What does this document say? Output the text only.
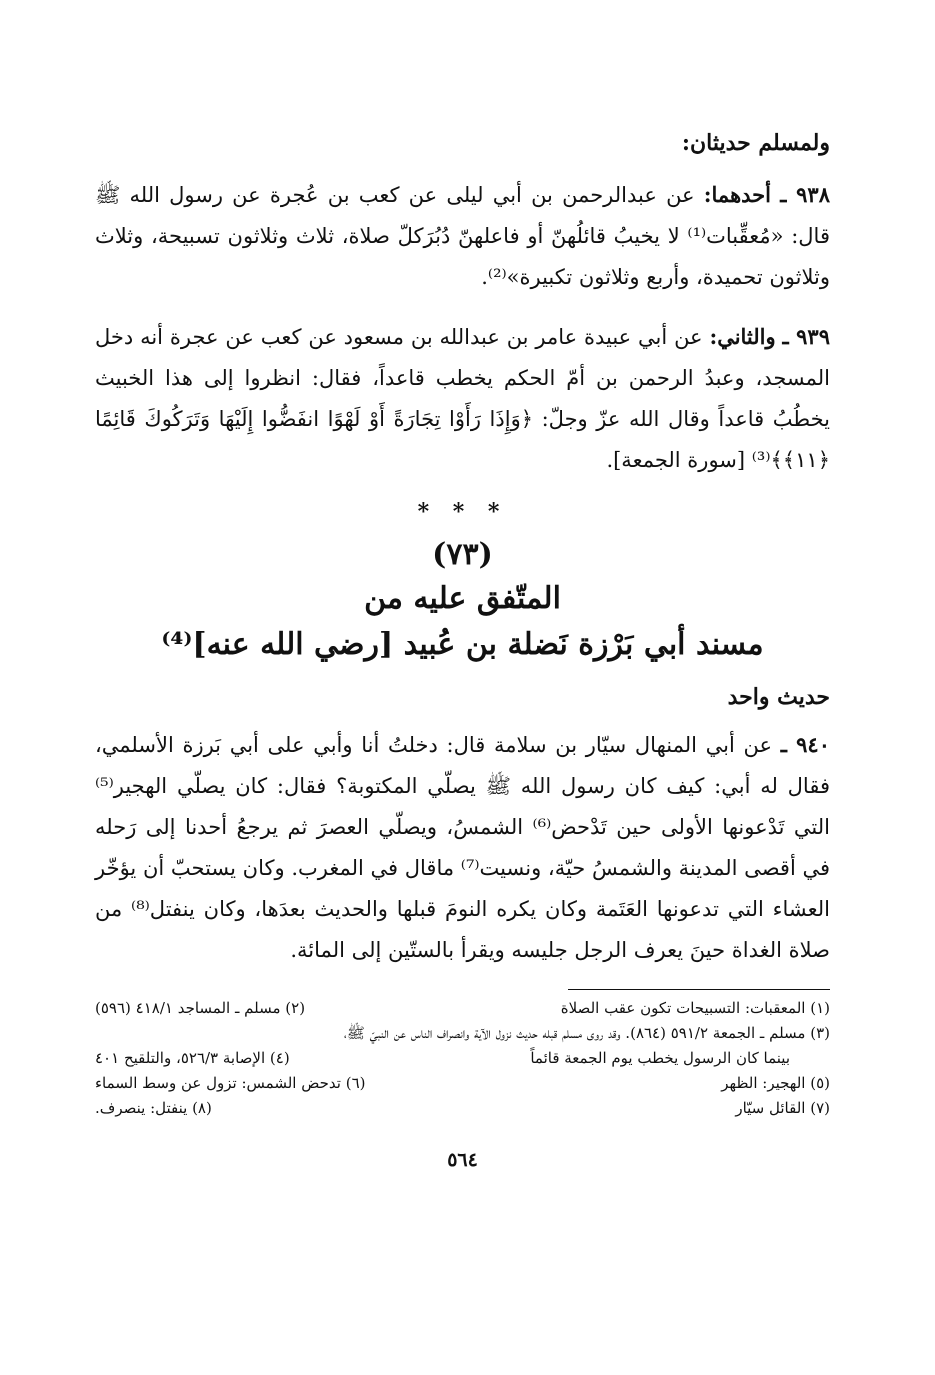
ولمسلم حديثان:

٩٣٨ ـ أحدهما: عن عبدالرحمن بن أبي ليلى عن كعب بن عُجرة عن رسول الله ﷺ قال: «مُعقِّبات⁽¹⁾ لا يخيبُ قائلُهنّ أو فاعلهنّ دُبُرَكلّ صلاة، ثلاث وثلاثون تسبيحة، وثلاث وثلاثون تحميدة، وأربع وثلاثون تكبيرة»⁽²⁾.

٩٣٩ ـ والثاني: عن أبي عبيدة عامر بن عبدالله بن مسعود عن كعب عن عجرة أنه دخل المسجد، وعبدُ الرحمن بن أمّ الحكم يخطب قاعداً، فقال: انظروا إلى هذا الخبيث يخطُبُ قاعداً وقال الله عزّ وجلّ: ﴿وَإِذَا رَأَوْا تِجَارَةً أَوْ لَهْوًا انفَضُّوا إِلَيْهَا وَتَرَكُوكَ قَائِمًا ﴿١١﴾﴾⁽³⁾ [سورة الجمعة].

* * *
(٧٣)
المتّفق عليه من
مسند أبي بَرْزة نَضلة بن عُبيد [رضي الله عنه]⁽⁴⁾
حديث واحد

٩٤٠ ـ عن أبي المنهال سيّار بن سلامة قال: دخلتُ أنا وأبي على أبي بَرزة الأسلمي، فقال له أبي: كيف كان رسول الله ﷺ يصلّي المكتوبة؟ فقال: كان يصلّي الهجير⁽⁵⁾ التي تَدْعونها الأولى حين تَدْحض⁽⁶⁾ الشمسُ، ويصلّي العصرَ ثم يرجعُ أحدنا إلى رَحله في أقصى المدينة والشمسُ حيّة، ونسيت⁽⁷⁾ ماقال في المغرب. وكان يستحبّ أن يؤخّر العشاء التي تدعونها العَتَمة وكان يكره النومَ قبلها والحديث بعدَها، وكان ينفتل⁽⁸⁾ من صلاة الغداة حينَ يعرف الرجل جليسه ويقرأ بالستّين إلى المائة.

(١) المعقبات: التسبيحات تكون عقب الصلاة
(٢) مسلم ـ المساجد ٤١٨/١ (٥٩٦)
(٣) مسلم ـ الجمعة ٥٩١/٢ (٨٦٤). وقد روى مسلم قبله حديث نزول الآية وانصراف الناس عن النبيّ ﷺ،
بينما كان الرسول يخطب يوم الجمعة قائماً
(٤) الإصابة ٥٢٦/٣، والتلقيح ٤٠١
(٥) الهجير: الظهر
(٦) تدحض الشمس: تزول عن وسط السماء
(٧) القائل سيّار
(٨) ينفتل: ينصرف.
٥٦٤
